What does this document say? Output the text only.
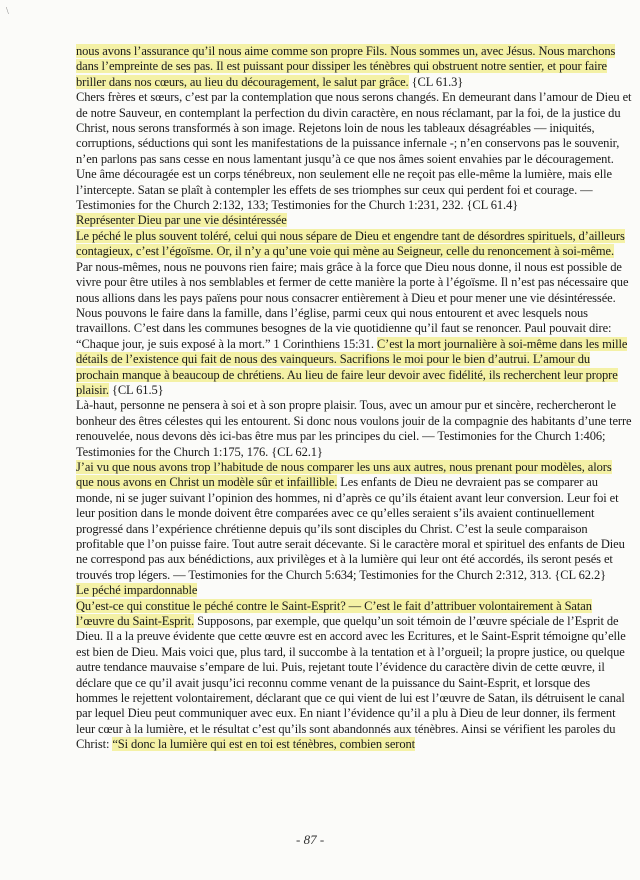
\

nous avons l’assurance qu’il nous aime comme son propre Fils. Nous sommes un, avec Jésus. Nous marchons dans l’empreinte de ses pas. Il est puissant pour dissiper les ténèbres qui obstruent notre sentier, et pour faire briller dans nos cœurs, au lieu du découragement, le salut par grâce. {CL 61.3}

Chers frères et sœurs, c’est par la contemplation que nous serons changés. En demeurant dans l’amour de Dieu et de notre Sauveur, en contemplant la perfection du divin caractère, en nous réclamant, par la foi, de la justice du Christ, nous serons transformés à son image. Rejetons loin de nous les tableaux désagréables — iniquités, corruptions, séductions qui sont les manifestations de la puissance infernale -; n’en conservons pas le souvenir, n’en parlons pas sans cesse en nous lamentant jusqu’à ce que nos âmes soient envahies par le découragement. Une âme découragée est un corps ténébreux, non seulement elle ne reçoit pas elle-même la lumière, mais elle l’intercepte. Satan se plaît à contempler les effets de ses triomphes sur ceux qui perdent foi et courage. — Testimonies for the Church 2:132, 133; Testimonies for the Church 1:231, 232. {CL 61.4}

Représenter Dieu par une vie désintéressée

Le péché le plus souvent toléré, celui qui nous sépare de Dieu et engendre tant de désordres spirituels, d’ailleurs contagieux, c’est l’égoïsme. Or, il n’y a qu’une voie qui mène au Seigneur, celle du renoncement à soi-même. Par nous-mêmes, nous ne pouvons rien faire; mais grâce à la force que Dieu nous donne, il nous est possible de vivre pour être utiles à nos semblables et fermer de cette manière la porte à l’égoïsme. Il n’est pas nécessaire que nous allions dans les pays païens pour nous consacrer entièrement à Dieu et pour mener une vie désintéressée. Nous pouvons le faire dans la famille, dans l’église, parmi ceux qui nous entourent et avec lesquels nous travaillons. C’est dans les communes besognes de la vie quotidienne qu’il faut se renoncer. Paul pouvait dire: “Chaque jour, je suis exposé à la mort.” 1 Corinthiens 15:31. C’est la mort journalière à soi-même dans les mille détails de l’existence qui fait de nous des vainqueurs. Sacrifions le moi pour le bien d’autrui. L’amour du prochain manque à beaucoup de chrétiens. Au lieu de faire leur devoir avec fidélité, ils recherchent leur propre plaisir. {CL 61.5}

Là-haut, personne ne pensera à soi et à son propre plaisir. Tous, avec un amour pur et sincère, rechercheront le bonheur des êtres célestes qui les entourent. Si donc nous voulons jouir de la compagnie des habitants d’une terre renouvelée, nous devons dès ici-bas être mus par les principes du ciel. — Testimonies for the Church 1:406; Testimonies for the Church 1:175, 176. {CL 62.1}

J’ai vu que nous avons trop l’habitude de nous comparer les uns aux autres, nous prenant pour modèles, alors que nous avons en Christ un modèle sûr et infaillible. Les enfants de Dieu ne devraient pas se comparer au monde, ni se juger suivant l’opinion des hommes, ni d’après ce qu’ils étaient avant leur conversion. Leur foi et leur position dans le monde doivent être comparées avec ce qu’elles seraient s’ils avaient continuellement progressé dans l’expérience chrétienne depuis qu’ils sont disciples du Christ. C’est la seule comparaison profitable que l’on puisse faire. Tout autre serait décevante. Si le caractère moral et spirituel des enfants de Dieu ne correspond pas aux bénédictions, aux privilèges et à la lumière qui leur ont été accordés, ils seront pesés et trouvés trop légers. — Testimonies for the Church 5:634; Testimonies for the Church 2:312, 313. {CL 62.2}

Le péché impardonnable

Qu’est-ce qui constitue le péché contre le Saint-Esprit? — C’est le fait d’attribuer volontairement à Satan l’œuvre du Saint-Esprit. Supposons, par exemple, que quelqu’un soit témoin de l’œuvre spéciale de l’Esprit de Dieu. Il a la preuve évidente que cette œuvre est en accord avec les Ecritures, et le Saint-Esprit témoigne qu’elle est bien de Dieu. Mais voici que, plus tard, il succombe à la tentation et à l’orgueil; la propre justice, ou quelque autre tendance mauvaise s’empare de lui. Puis, rejetant toute l’évidence du caractère divin de cette œuvre, il déclare que ce qu’il avait jusqu’ici reconnu comme venant de la puissance du Saint-Esprit, et lorsque des hommes le rejettent volontairement, déclarant que ce qui vient de lui est l’œuvre de Satan, ils détruisent le canal par lequel Dieu peut communiquer avec eux. En niant l’évidence qu’il a plu à Dieu de leur donner, ils ferment leur cœur à la lumière, et le résultat c’est qu’ils sont abandonnés aux ténèbres. Ainsi se vérifient les paroles du Christ: “Si donc la lumière qui est en toi est ténèbres, combien seront

- 87 -
